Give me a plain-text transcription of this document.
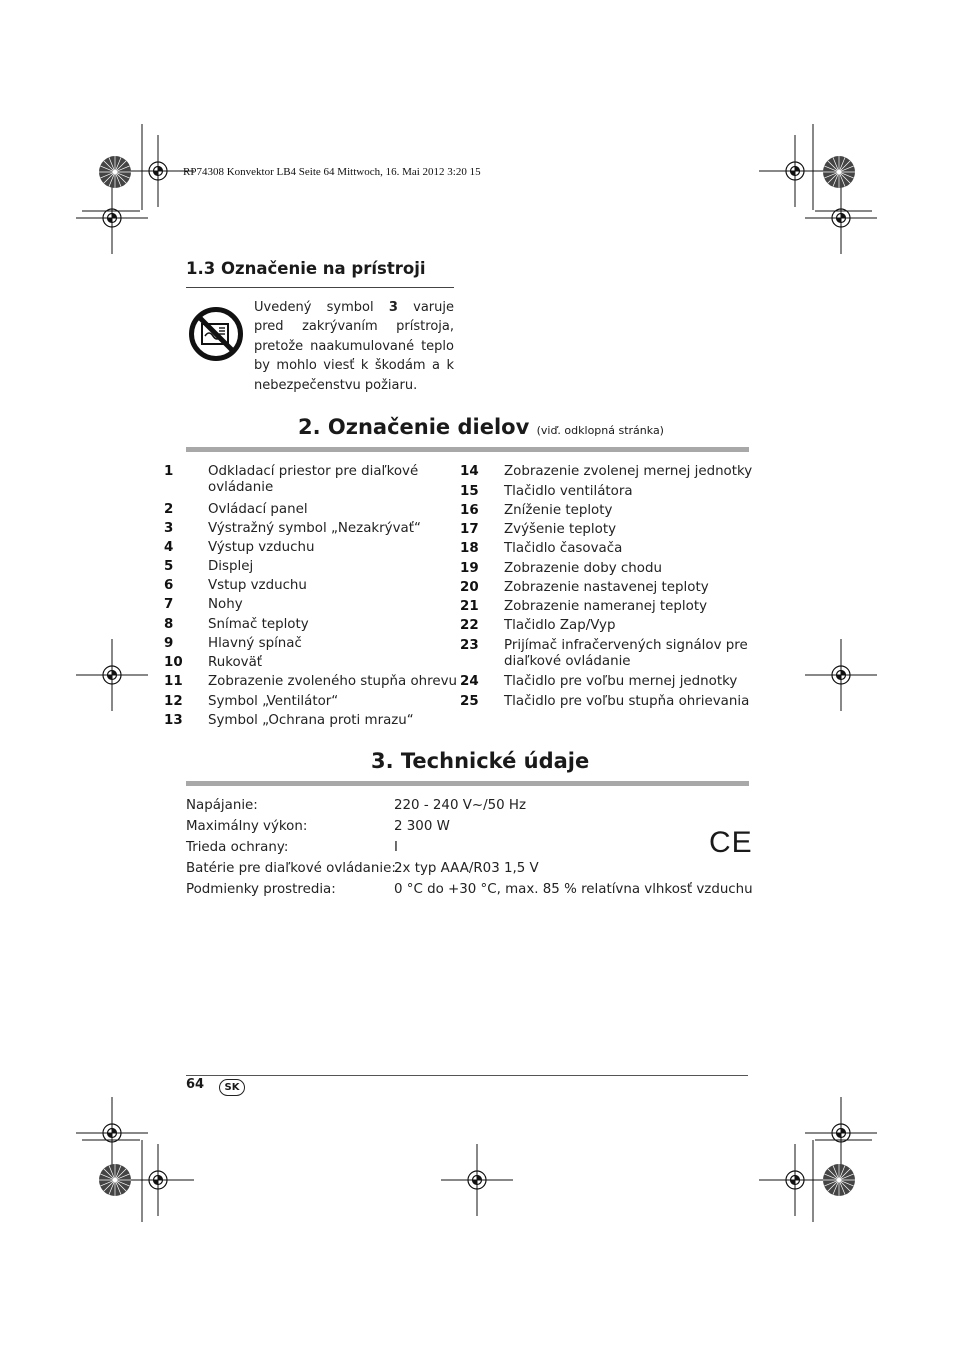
RP74308 Konvektor LB4 Seite 64 Mittwoch, 16. Mai 2012 3:20 15
1.3 Označenie na prístroji
Uvedený symbol 3 varuje pred zakrývaním prístroja, pretože naakumulované teplo by mohlo viesť k škodám a k nebezpečenstvu požiaru.
2. Označenie dielov (viď. odklopná stránka)
1	Odkladací priestor pre diaľkové ovládanie
2	Ovládací panel
3	Výstražný symbol „Nezakrývať“
4	Výstup vzduchu
5	Displej
6	Vstup vzduchu
7	Nohy
8	Snímač teploty
9	Hlavný spínač
10 Rukoväť
11 Zobrazenie zvoleného stupňa ohrevu
12 Symbol „Ventilátor“
13 Symbol „Ochrana proti mrazu“
14 Zobrazenie zvolenej mernej jednotky
15 Tlačidlo ventilátora
16 Zníženie teploty
17 Zvýšenie teploty
18 Tlačidlo časovača
19 Zobrazenie doby chodu
20 Zobrazenie nastavenej teploty
21 Zobrazenie nameranej teploty
22 Tlačidlo Zap/Vyp
23 Prijímač infračervených signálov pre diaľkové ovládanie
24 Tlačidlo pre voľbu mernej jednotky
25 Tlačidlo pre voľbu stupňa ohrievania
3. Technické údaje
Napájanie:	220 - 240 V~/50 Hz
Maximálny výkon:	2 300 W
Trieda ochrany:	I
Batérie pre diaľkové ovládanie:
2x typ AAA/R03 1,5 V
Podmienky prostredia:	0 °C do +30 °C, max. 85 % relatívna vlhkosť vzduchu
CE
64	SK
